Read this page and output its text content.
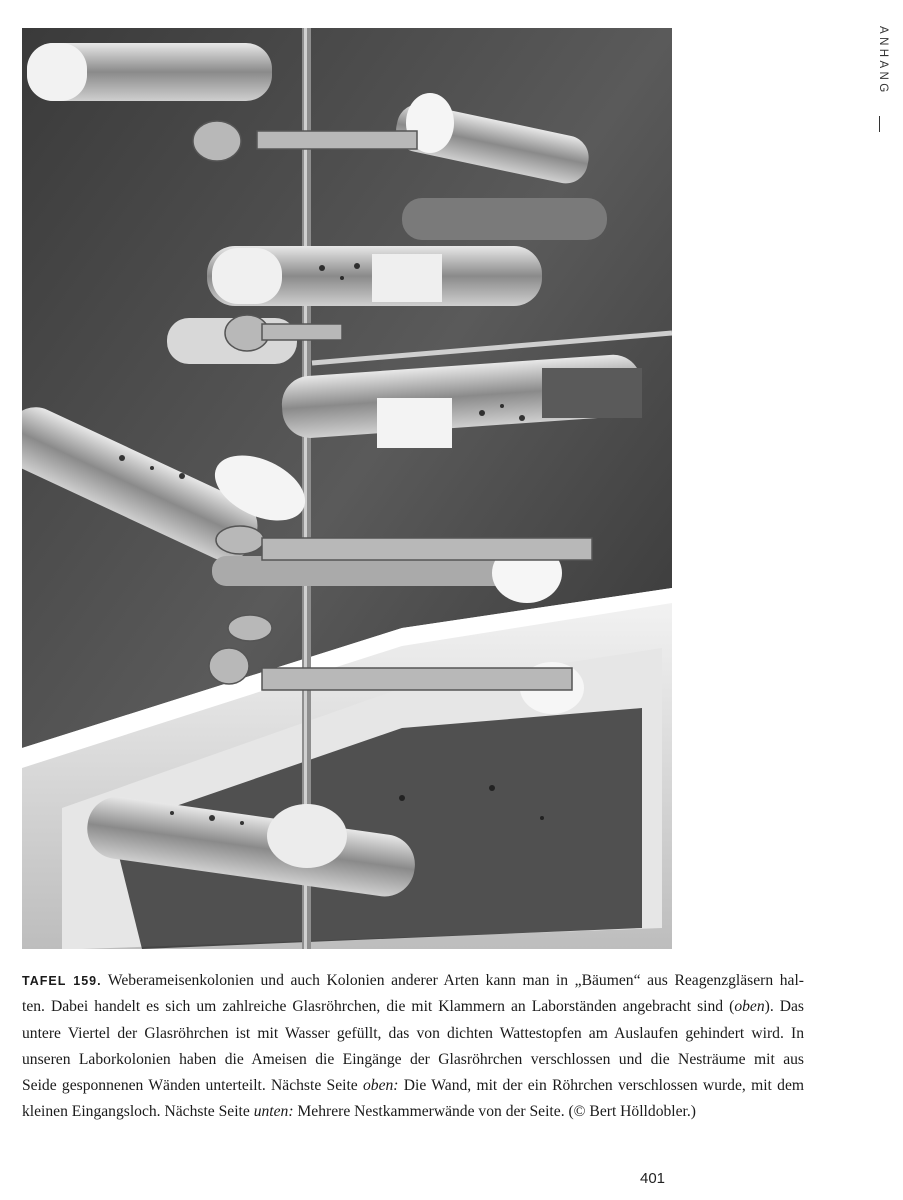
ANHANG
TAFEL 159. Weberameisenkolonien und auch Kolonien anderer Arten kann man in „Bäumen“ aus Reagenzgläsern hal-
ten. Dabei handelt es sich um zahlreiche Glasröhrchen, die mit Klammern an Laborständen angebracht sind (oben). Das
untere Viertel der Glasröhrchen ist mit Wasser gefüllt, das von dichten Wattestopfen am Auslaufen gehindert wird. In
unseren Laborkolonien haben die Ameisen die Eingänge der Glasröhrchen verschlossen und die Nesträume mit aus
Seide gesponnenen Wänden unterteilt. Nächste Seite oben: Die Wand, mit der ein Röhrchen verschlossen wurde, mit dem
kleinen Eingangsloch. Nächste Seite unten: Mehrere Nestkammerwände von der Seite. (© Bert Hölldobler.)
401
